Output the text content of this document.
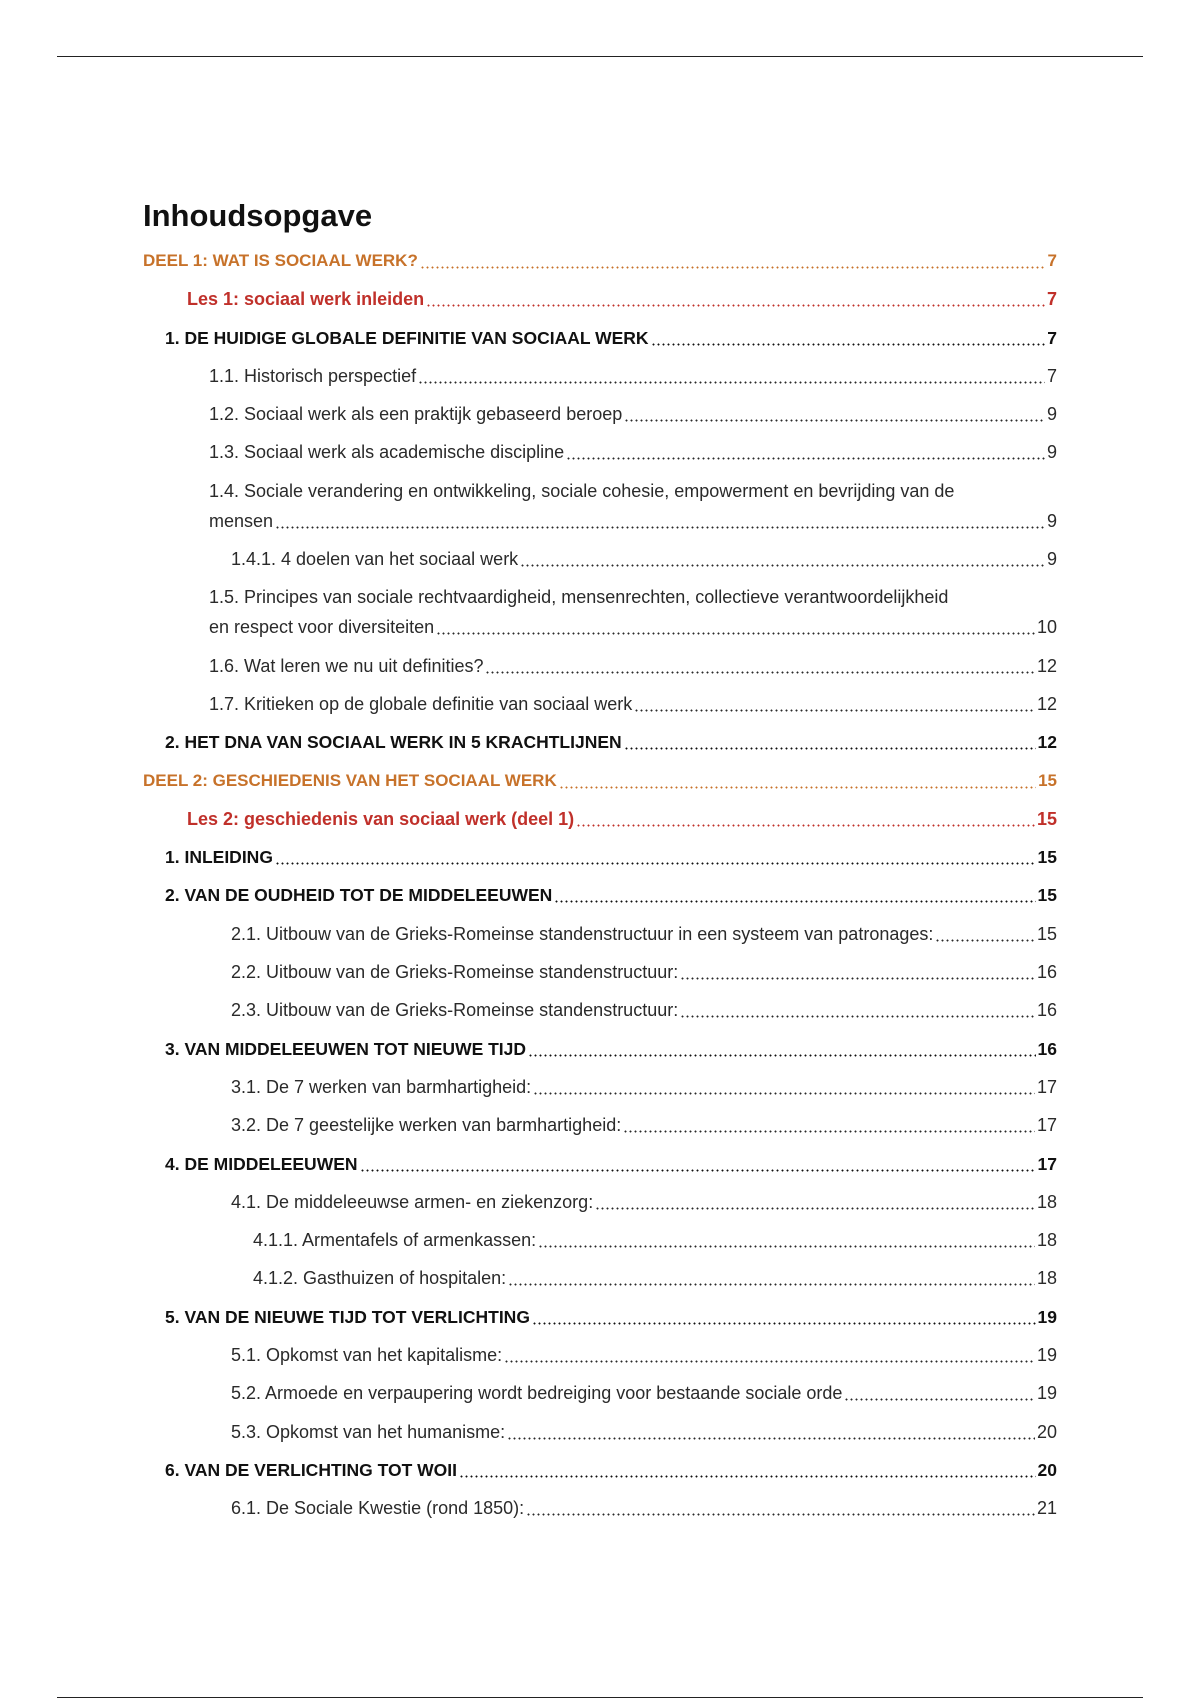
Inhoudsopgave
DEEL 1: WAT IS SOCIAAL WERK?	7
Les 1: sociaal werk inleiden	7
1. DE HUIDIGE GLOBALE DEFINITIE VAN SOCIAAL WERK	7
1.1. Historisch perspectief	7
1.2. Sociaal werk als een praktijk gebaseerd beroep	9
1.3. Sociaal werk als academische discipline	9
1.4. Sociale verandering en ontwikkeling, sociale cohesie, empowerment en bevrijding van de
mensen	9
1.4.1. 4 doelen van het sociaal werk	9
1.5. Principes van sociale rechtvaardigheid, mensenrechten, collectieve verantwoordelijkheid
en respect voor diversiteiten	10
1.6. Wat leren we nu uit definities?	12
1.7. Kritieken op de globale definitie van sociaal werk	12
2. HET DNA VAN SOCIAAL WERK IN 5 KRACHTLIJNEN	12
DEEL 2: GESCHIEDENIS VAN HET SOCIAAL WERK	15
Les 2: geschiedenis van sociaal werk (deel 1)	15
1. INLEIDING	15
2. VAN DE OUDHEID TOT DE MIDDELEEUWEN	15
2.1. Uitbouw van de Grieks-Romeinse standenstructuur in een systeem van patronages:	15
2.2. Uitbouw van de Grieks-Romeinse standenstructuur:	16
2.3. Uitbouw van de Grieks-Romeinse standenstructuur:	16
3. VAN MIDDELEEUWEN TOT NIEUWE TIJD	16
3.1. De 7 werken van barmhartigheid:	17
3.2. De 7 geestelijke werken van barmhartigheid:	17
4. DE MIDDELEEUWEN	17
4.1. De middeleeuwse armen- en ziekenzorg:	18
4.1.1. Armentafels of armenkassen:	18
4.1.2. Gasthuizen of hospitalen:	18
5. VAN DE NIEUWE TIJD TOT VERLICHTING	19
5.1. Opkomst van het kapitalisme:	19
5.2. Armoede en verpaupering wordt bedreiging voor bestaande sociale orde	19
5.3. Opkomst van het humanisme:	20
6. VAN DE VERLICHTING TOT WOII	20
6.1. De Sociale Kwestie (rond 1850):	21
